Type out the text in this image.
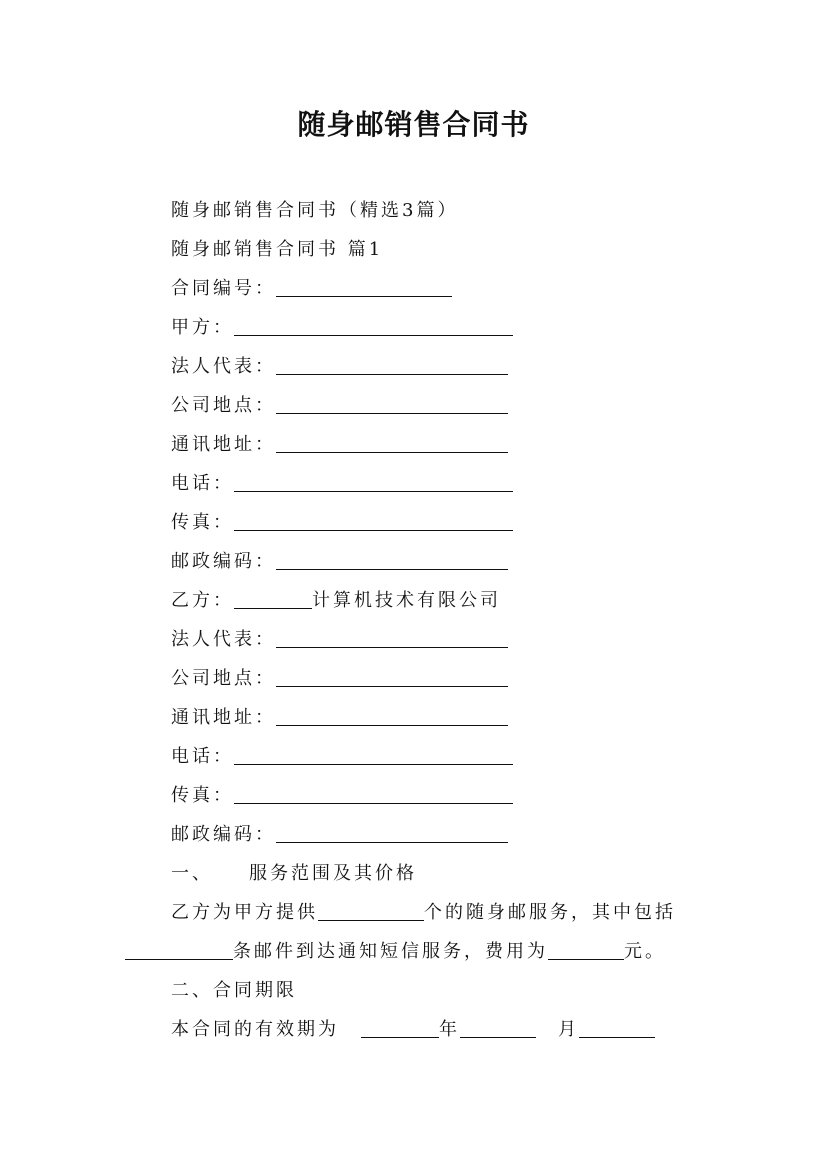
随身邮销售合同书
随身邮销售合同书（精选3篇）
随身邮销售合同书 篇1
合同编号：
甲方：
法人代表：
公司地点：
通讯地址：
电话：
传真：
邮政编码：
乙方：	计算机技术有限公司
法人代表：
公司地点：
通讯地址：
电话：
传真：
邮政编码：
一、 服务范围及其价格
乙方为甲方提供	个的随身邮服务，其中包括
条邮件到达通知短信服务，费用为	元。
二、合同期限
本合同的有效期为	年	月
